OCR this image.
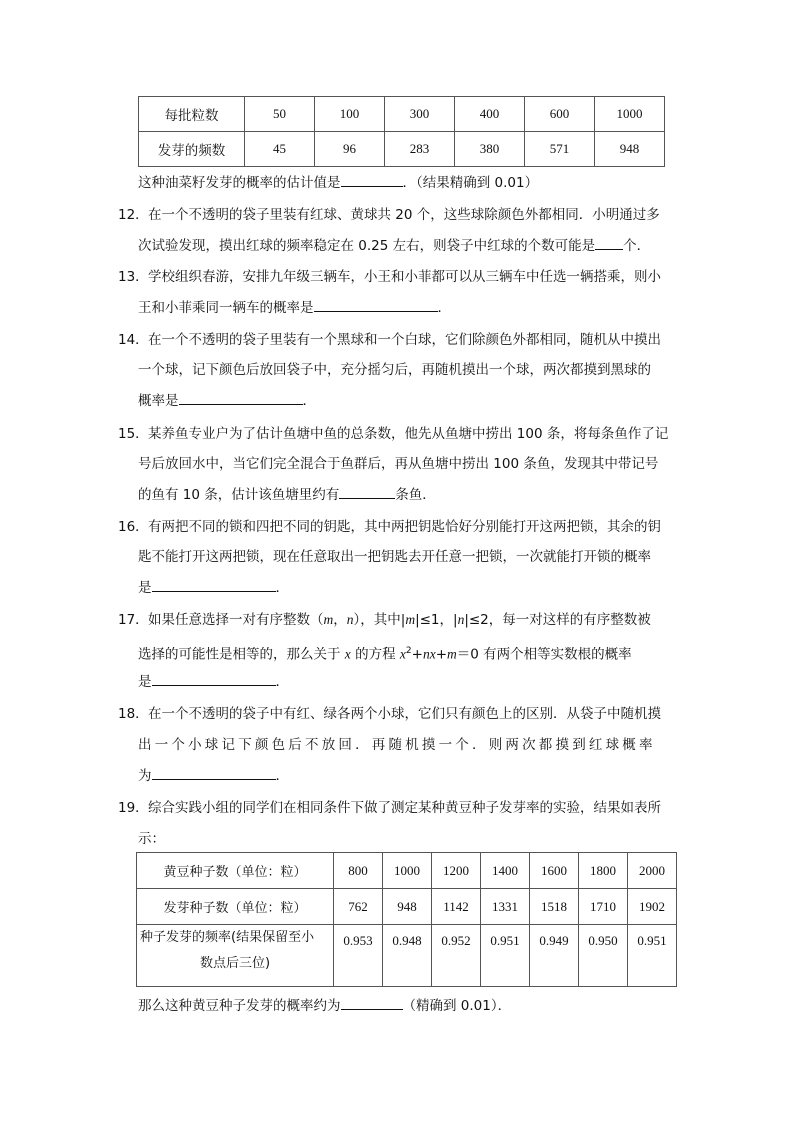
每批粒数	50	100	300	400	600	1000
发芽的频数	45	96	283	380	571	948
这种油菜籽发芽的概率的估计值是	．（结果精确到 0.01）
12． 在一个不透明的袋子里装有红球、黄球共 20 个，这些球除颜色外都相同．小明通过多
次试验发现，摸出红球的频率稳定在 0.25 左右，则袋子中红球的个数可能是 个．
13． 学校组织春游，安排九年级三辆车，小王和小菲都可以从三辆车中任选一辆搭乘，则小
王和小菲乘同一辆车的概率是	．
14． 在一个不透明的袋子里装有一个黑球和一个白球，它们除颜色外都相同，随机从中摸出
一个球，记下颜色后放回袋子中，充分摇匀后，再随机摸出一个球，两次都摸到黑球的
概率是	．
15． 某养鱼专业户为了估计鱼塘中鱼的总条数，他先从鱼塘中捞出 100 条，将每条鱼作了记
号后放回水中，当它们完全混合于鱼群后，再从鱼塘中捞出 100 条鱼，发现其中带记号
的鱼有 10 条，估计该鱼塘里约有	条鱼．
16． 有两把不同的锁和四把不同的钥匙，其中两把钥匙恰好分别能打开这两把锁，其余的钥
匙不能打开这两把锁，现在任意取出一把钥匙去开任意一把锁，一次就能打开锁的概率
是	．
17． 如果任意选择一对有序整数（m，n），其中|m|≤1，|n|≤2，每一对这样的有序整数被
选择的可能性是相等的，那么关于 x 的方程 $x^2+nx+m=0$ 有两个相等实数根的概率
是	．
18． 在一个不透明的袋子中有红、绿各两个小球，它们只有颜色上的区别．从袋子中随机摸
出一个小球记下颜色后不放回．再随机摸一个．则两次都摸到红球概率
为	．
19． 综合实践小组的同学们在相同条件下做了测定某种黄豆种子发芽率的实验，结果如表所
示：
黄豆种子数（单位：粒）	800	1000	1200	1400	1600	1800	2000
发芽种子数（单位：粒）	762	948	1142	1331	1518	1710	1902

种子发芽的频率(结果保留至小
数点后三位)	0.953	0.948	0.952	0.951	0.949	0.950	0.951
那么这种黄豆种子发芽的概率约为	（精确到 0.01）．
